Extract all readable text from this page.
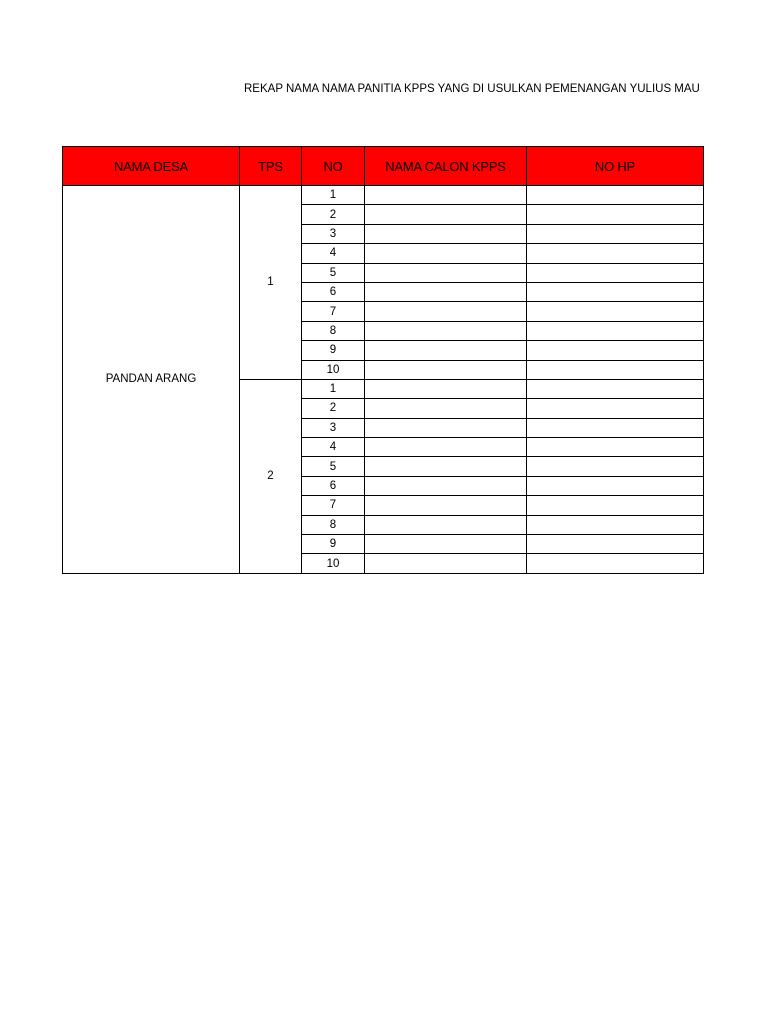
REKAP NAMA NAMA PANITIA KPPS YANG DI USULKAN PEMENANGAN YULIUS MAU
NAMA DESA	TPS	NO	NAMA CALON KPPS	NO HP
PANDAN ARANG	1	1		
		2		
		3		
		4		
		5		
		6		
		7		
		8		
		9		
		10		
	2	1		
		2		
		3		
		4		
		5		
		6		
		7		
		8		
		9		
		10		
